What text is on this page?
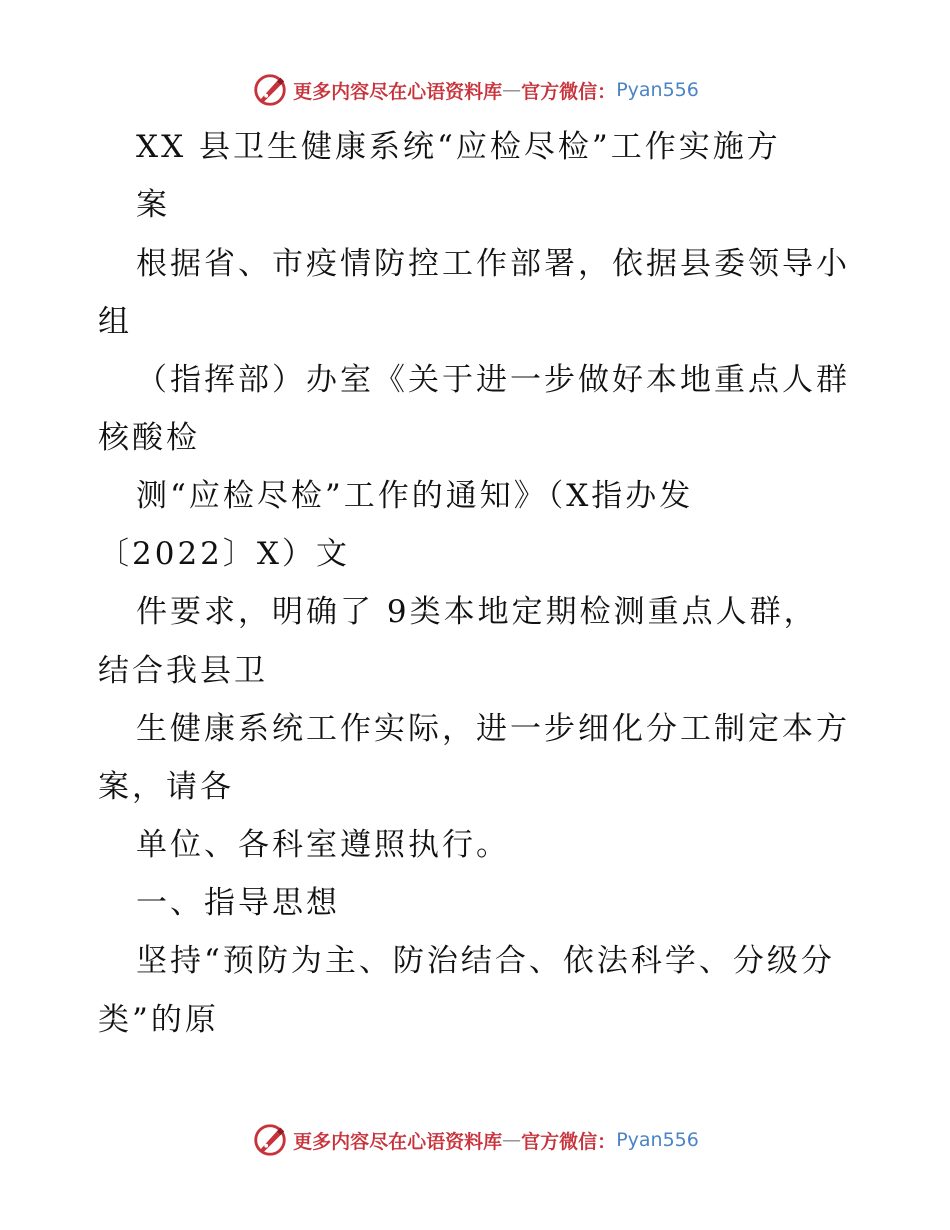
更多内容尽在心语资料库 — 官方微信： Pyan556
XX 县卫生健康系统“应检尽检”工作实施方
案
根据省、市疫情防控工作部署，依据县委领导小
组
（指挥部）办室《关于进一步做好本地重点人群
核酸检
测“应检尽检”工作的通知》（X指办发
〔2022〕X）文
件要求，明确了 9类本地定期检测重点人群，
结合我县卫
生健康系统工作实际，进一步细化分工制定本方
案，请各
单位、各科室遵照执行。
一、指导思想
坚持“预防为主、防治结合、依法科学、分级分
类”的原
更多内容尽在心语资料库 — 官方微信： Pyan556
